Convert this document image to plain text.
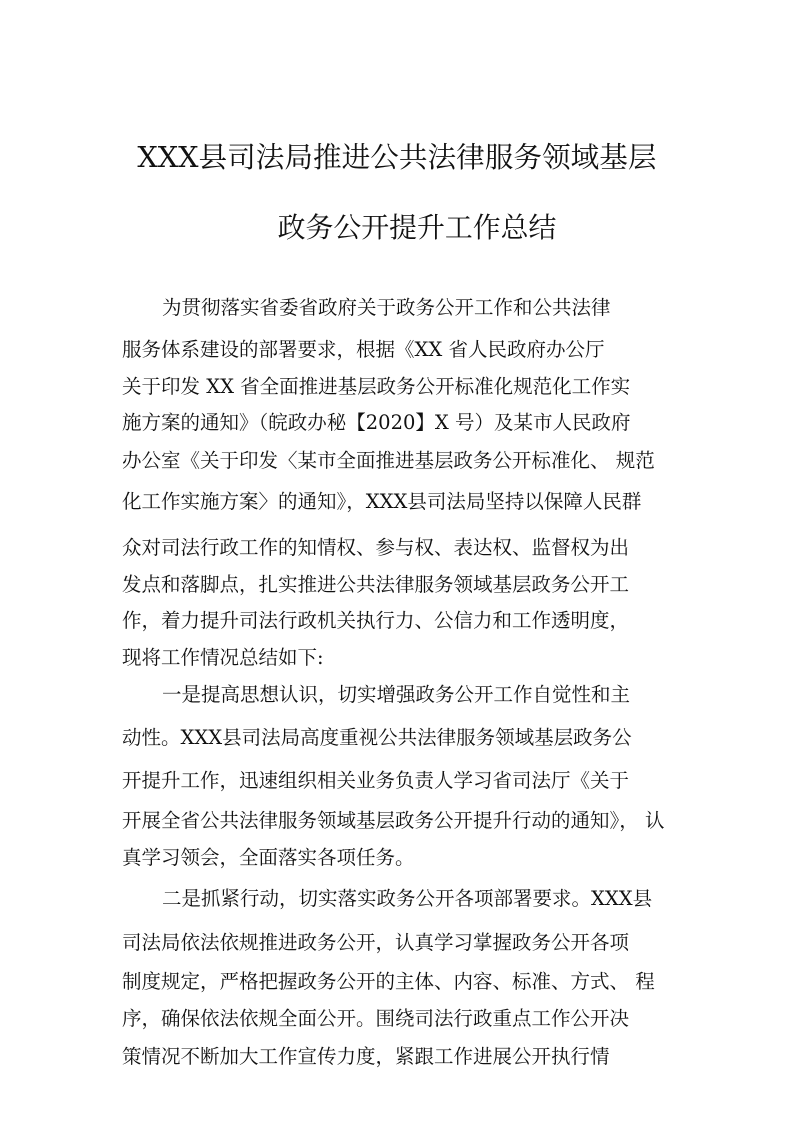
XXX县司法局推进公共法律服务领域基层
政务公开提升工作总结
为贯彻落实省委省政府关于政务公开工作和公共法律
服务体系建设的部署要求，根据《XX 省人民政府办公厅
关于印发 XX 省全面推进基层政务公开标准化规范化工作实
施方案的通知》（皖政办秘【2020】X 号）及某市人民政府
办公室《关于印发〈某市全面推进基层政务公开标准化、 规范
化工作实施方案〉的通知》，XXX县司法局坚持以保障人民群
众对司法行政工作的知情权、参与权、表达权、监督权为出
发点和落脚点，扎实推进公共法律服务领域基层政务公开工
作，着力提升司法行政机关执行力、公信力和工作透明度，
现将工作情况总结如下:
一是提高思想认识，切实增强政务公开工作自觉性和主
动性。XXX县司法局高度重视公共法律服务领域基层政务公
开提升工作，迅速组织相关业务负责人学习省司法厅《关于
开展全省公共法律服务领域基层政务公开提升行动的通知》， 认
真学习领会，全面落实各项任务。
二是抓紧行动，切实落实政务公开各项部署要求。XXX县
司法局依法依规推进政务公开，认真学习掌握政务公开各项
制度规定，严格把握政务公开的主体、内容、标准、方式、 程
序，确保依法依规全面公开。围绕司法行政重点工作公开决
策情况不断加大工作宣传力度，紧跟工作进展公开执行情
